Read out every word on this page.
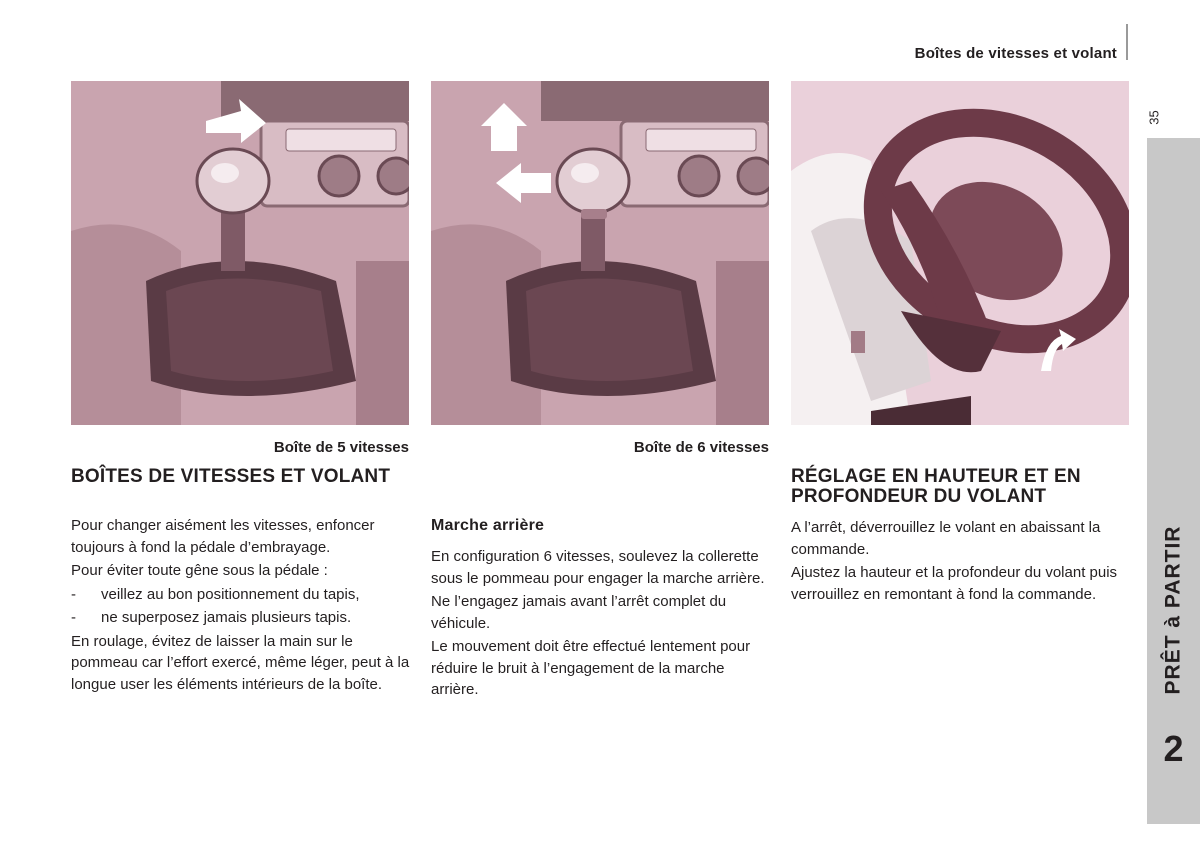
Boîtes de vitesses et volant
35
PRÊT à PARTIR
2
Boîte de 5 vitesses	Boîte de 6 vitesses
BOÎTES DE VITESSES ET VOLANT

Pour changer aisément les vitesses, enfoncer toujours à fond la pédale d’embrayage.

Pour éviter toute gêne sous la pédale :

-	veillez au bon positionnement du tapis,
-	ne superposez jamais plusieurs tapis.

En roulage, évitez de laisser la main sur le pommeau car l’effort exercé, même léger, peut à la longue user les éléments intérieurs de la boîte.

Marche arrière

En configuration 6 vitesses, soulevez la collerette sous le pommeau pour engager la marche arrière.

Ne l’engagez jamais avant l’arrêt complet du véhicule.

Le mouvement doit être effectué lentement pour réduire le bruit à l’engagement de la marche arrière.

RÉGLAGE EN HAUTEUR ET EN
PROFONDEUR DU VOLANT

A l’arrêt, déverrouillez le volant en abaissant la commande.

Ajustez la hauteur et la profondeur du volant puis verrouillez en remontant à fond la commande.
